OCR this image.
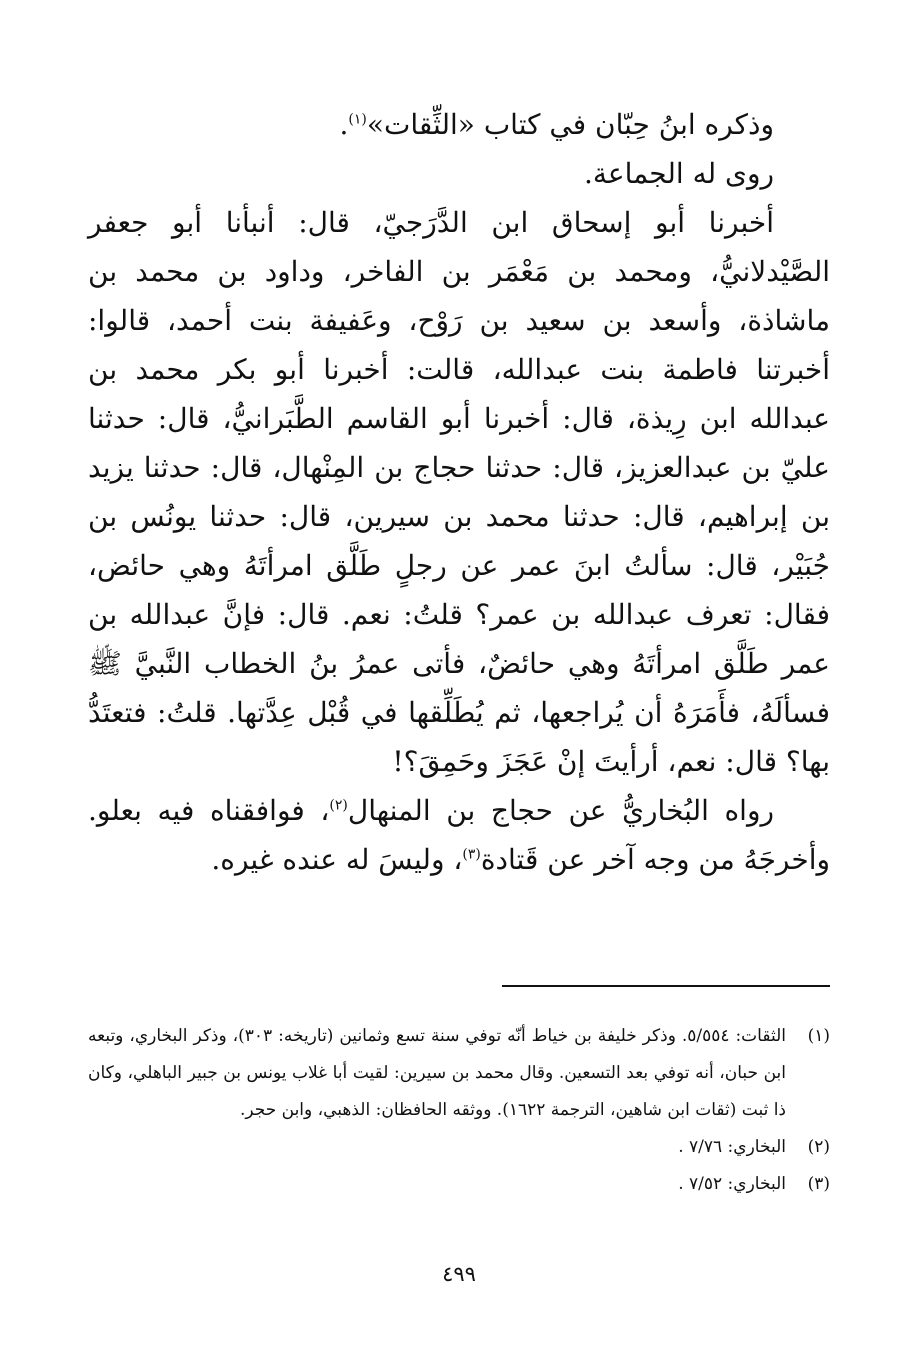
وذكره ابنُ حِبّان في كتاب «الثِّقات»$^{(١)}$.

روى له الجماعة.

أخبرنا أبو إسحاق ابن الدَّرَجيّ، قال: أنبأنا أبو جعفر الصَّيْدلانيُّ، ومحمد بن مَعْمَر بن الفاخر، وداود بن محمد بن ماشاذة، وأسعد بن سعيد بن رَوْح، وعَفيفة بنت أحمد، قالوا: أخبرتنا فاطمة بنت عبدالله، قالت: أخبرنا أبو بكر محمد بن عبدالله ابن رِيذة، قال: أخبرنا أبو القاسم الطَّبَرانيُّ، قال: حدثنا عليّ بن عبدالعزيز، قال: حدثنا حجاج بن المِنْهال، قال: حدثنا يزيد بن إبراهيم، قال: حدثنا محمد بن سيرين، قال: حدثنا يونُس بن جُبَيْر، قال: سألتُ ابنَ عمر عن رجلٍ طَلَّق امرأتَهُ وهي حائض، فقال: تعرف عبدالله بن عمر؟ قلتُ: نعم. قال: فإنَّ عبدالله بن عمر طَلَّق امرأتَهُ وهي حائضٌ، فأتى عمرُ بنُ الخطاب النَّبيَّ ﷺ فسألَهُ، فأَمَرَهُ أن يُراجعها، ثم يُطَلِّقها في قُبْل عِدَّتها. قلتُ: فتعتَدُّ بها؟ قال: نعم، أرأيتَ إنْ عَجَزَ وحَمِقَ؟!

رواه البُخاريُّ عن حجاج بن المنهال$^{(٢)}$، فوافقناه فيه بعلو. وأخرجَهُ من وجه آخر عن قَتادة$^{(٣)}$، وليسَ له عنده غيره.

(١)
الثقات: ٥/٥٥٤. وذكر خليفة بن خياط أنّه توفي سنة تسع وثمانين (تاريخه: ٣٠٣)، وذكر البخاري، وتبعه ابن حبان، أنه توفي بعد التسعين. وقال محمد بن سيرين: لقيت أبا غلاب يونس بن جبير الباهلي، وكان ذا ثبت (ثقات ابن شاهين، الترجمة ١٦٢٢). ووثقه الحافظان: الذهبي، وابن حجر.
(٢)
البخاري: ٧/٧٦ .
(٣)
البخاري: ٧/٥٢ .
٤٩٩
